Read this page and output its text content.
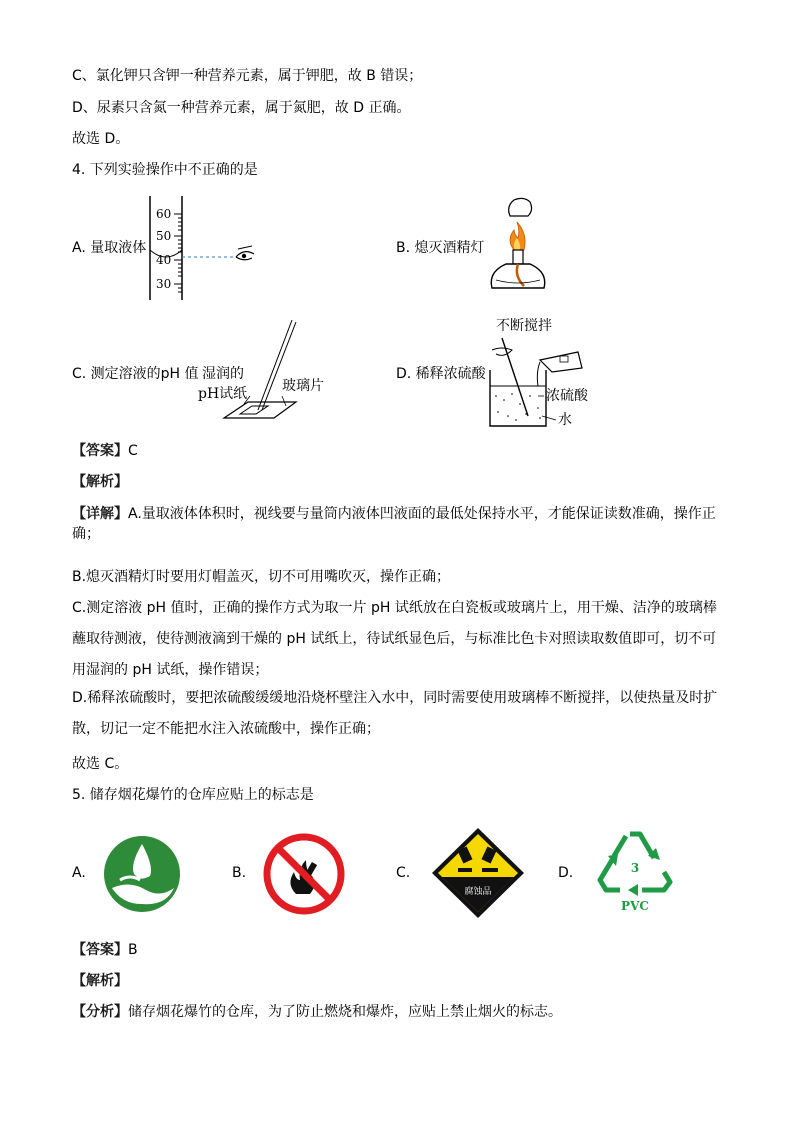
C、氯化钾只含钾一种营养元素，属于钾肥，故 B 错误；
D、尿素只含氮一种营养元素，属于氮肥，故 D 正确。
故选 D。
4. 下列实验操作中不正确的是
A. 量取液体
60
50
40
30
B. 熄灭酒精灯
C. 测定溶液的pH 值 湿润的
pH试纸 玻璃片
D. 稀释浓硫酸
不断搅拌
浓硫酸
水
【答案】C
【解析】
【详解】A.量取液体体积时，视线要与量筒内液体凹液面的最低处保持水平，才能保证读数准确，操作正确；
B.熄灭酒精灯时要用灯帽盖灭，切不可用嘴吹灭，操作正确；
C.测定溶液 pH 值时，正确的操作方式为取一片 pH 试纸放在白瓷板或玻璃片上，用干燥、洁净的玻璃棒蘸取待测液，使待测液滴到干燥的 pH 试纸上，待试纸显色后，与标准比色卡对照读取数值即可，切不可用湿润的 pH 试纸，操作错误；
D.稀释浓硫酸时，要把浓硫酸缓缓地沿烧杯壁注入水中，同时需要使用玻璃棒不断搅拌，以使热量及时扩散，切记一定不能把水注入浓硫酸中，操作正确；
故选 C。
5. 储存烟花爆竹的仓库应贴上的标志是
A.	B.	C.
腐蚀品
D.	3
PVC
【答案】B
【解析】
【分析】储存烟花爆竹的仓库，为了防止燃烧和爆炸，应贴上禁止烟火的标志。
